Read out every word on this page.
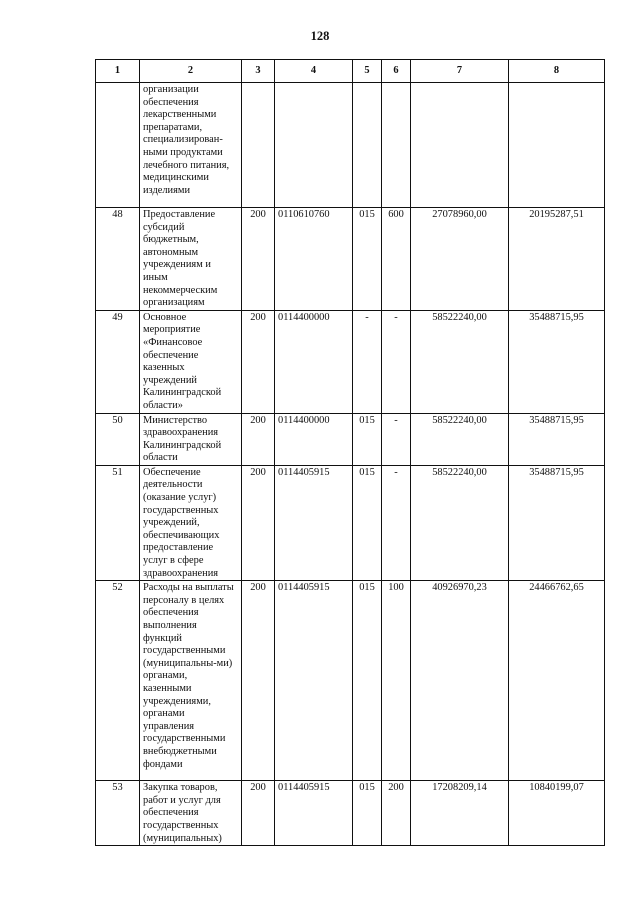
128
1	2	3	4	5	6	7	8
	организации обеспечения лекарственными препаратами, специализирован-ными продуктами лечебного питания, медицинскими изделиями						
48	Предоставление субсидий бюджетным, автономным учреждениям и иным некоммерческим организациям	200	0110610760	015	600	27078960,00	20195287,51
49	Основное мероприятие «Финансовое обеспечение казенных учреждений Калининградской области»	200	0114400000	-	-	58522240,00	35488715,95
50	Министерство здравоохранения Калининградской области	200	0114400000	015	-	58522240,00	35488715,95
51	Обеспечение деятельности (оказание услуг) государственных учреждений, обеспечивающих предоставление услуг в сфере здравоохранения	200	0114405915	015	-	58522240,00	35488715,95
52	Расходы на выплаты персоналу в целях обеспечения выполнения функций государственными (муниципальны-ми) органами, казенными учреждениями, органами управления государственными внебюджетными фондами	200	0114405915	015	100	40926970,23	24466762,65
53	Закупка товаров, работ и услуг для обеспечения государственных (муниципальных)	200	0114405915	015	200	17208209,14	10840199,07
